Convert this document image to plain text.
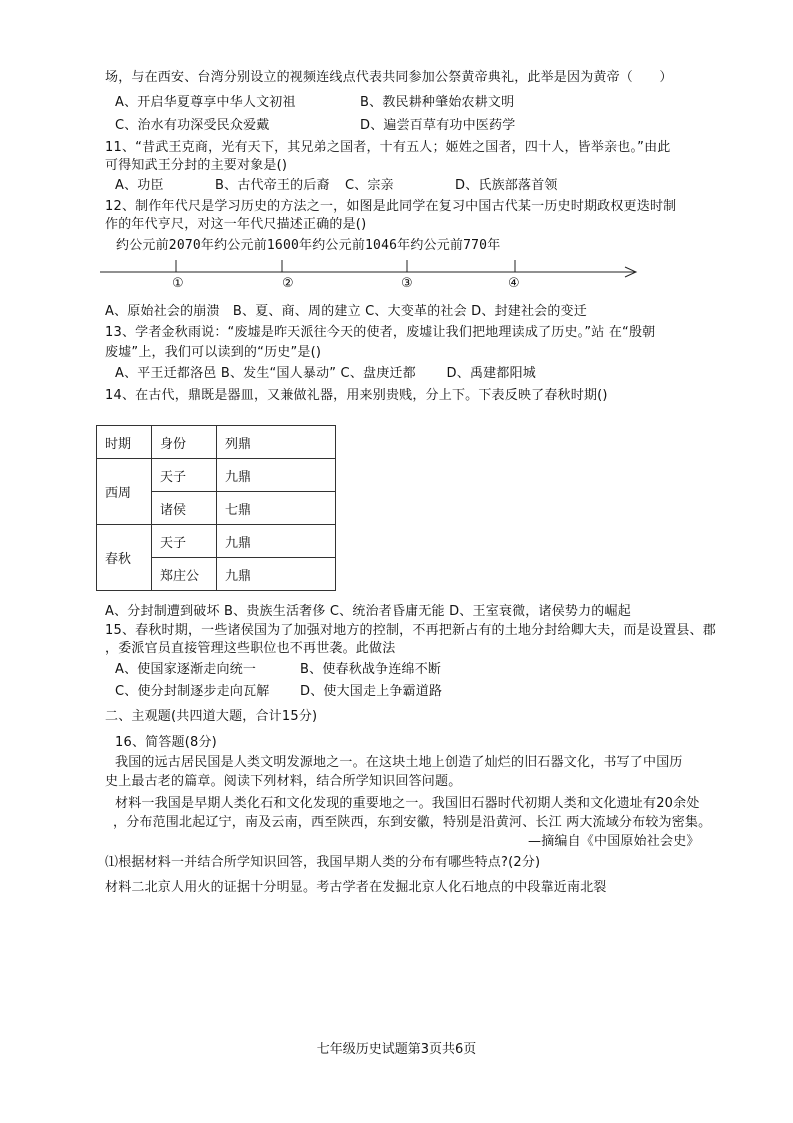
场，与在西安、台湾分别设立的视频连线点代表共同参加公祭黄帝典礼，此举是因为黄帝（　　）
A、开启华夏尊享中华人文初祖	B、教民耕种肇始农耕文明
C、治水有功深受民众爱戴	D、遍尝百草有功中医药学
11、“昔武王克商，光有天下，其兄弟之国者，十有五人；姬姓之国者，四十人，皆举亲也。”由此
可得知武王分封的主要对象是()
A、功臣	B、古代帝王的后裔 C、宗亲	D、氏族部落首领
12、制作年代尺是学习历史的方法之一，如图是此同学在复习中国古代某一历史时期政权更迭时制
作的年代亨尺，对这一年代尺描述正确的是()
约公元前2070年约公元前1600年约公元前1046年约公元前770年
①	②	③	④
A、原始社会的崩溃　B、夏、商、周的建立 C、大变革的社会 D、封建社会的变迁
13、学者金秋雨说：“废墟是昨天派往今天的使者，废墟让我们把地理读成了历史。”站 在“殷朝
废墟”上，我们可以读到的“历史”是()
A、平王迁都洛邑 B、发生“国人暴动” C、盘庚迁都　　 D、禹建都阳城
14、在古代，鼎既是器皿，又兼做礼器，用来别贵贱，分上下。下表反映了春秋时期()
时期	身份	列鼎
西周	天子	九鼎
	诸侯	七鼎
春秋	天子	九鼎
	郑庄公	九鼎
A、分封制遭到破坏 B、贵族生活奢侈 C、统治者昏庸无能 D、王室衰微，诸侯势力的崛起
15、春秋时期，一些诸侯国为了加强对地方的控制，不再把新占有的土地分封给卿大夫，而是设置县、郡
，委派官员直接管理这些职位也不再世袭。此做法
A、使国家逐渐走向统一	B、使春秋战争连绵不断
C、使分封制逐步走向瓦解 D、使大国走上争霸道路
二、主观题(共四道大题，合计15分)
16、简答题(8分)
我国的远古居民国是人类文明发源地之一。在这块土地上创造了灿烂的旧石器文化，书写了中国历
史上最古老的篇章。阅读下列材料，结合所学知识回答问题。
材料一我国是早期人类化石和文化发现的重要地之一。我国旧石器时代初期人类和文化遗址有20余处
，分布范围北起辽宁，南及云南，西至陕西，东到安徽，特别是沿黄河、长江 两大流域分布较为密集。
—摘编自《中国原始社会史》
⑴根据材料一并结合所学知识回答，我国早期人类的分布有哪些特点?(2分)
材料二北京人用火的证据十分明显。考古学者在发掘北京人化石地点的中段靠近南北裂
七年级历史试题第3页共6页
